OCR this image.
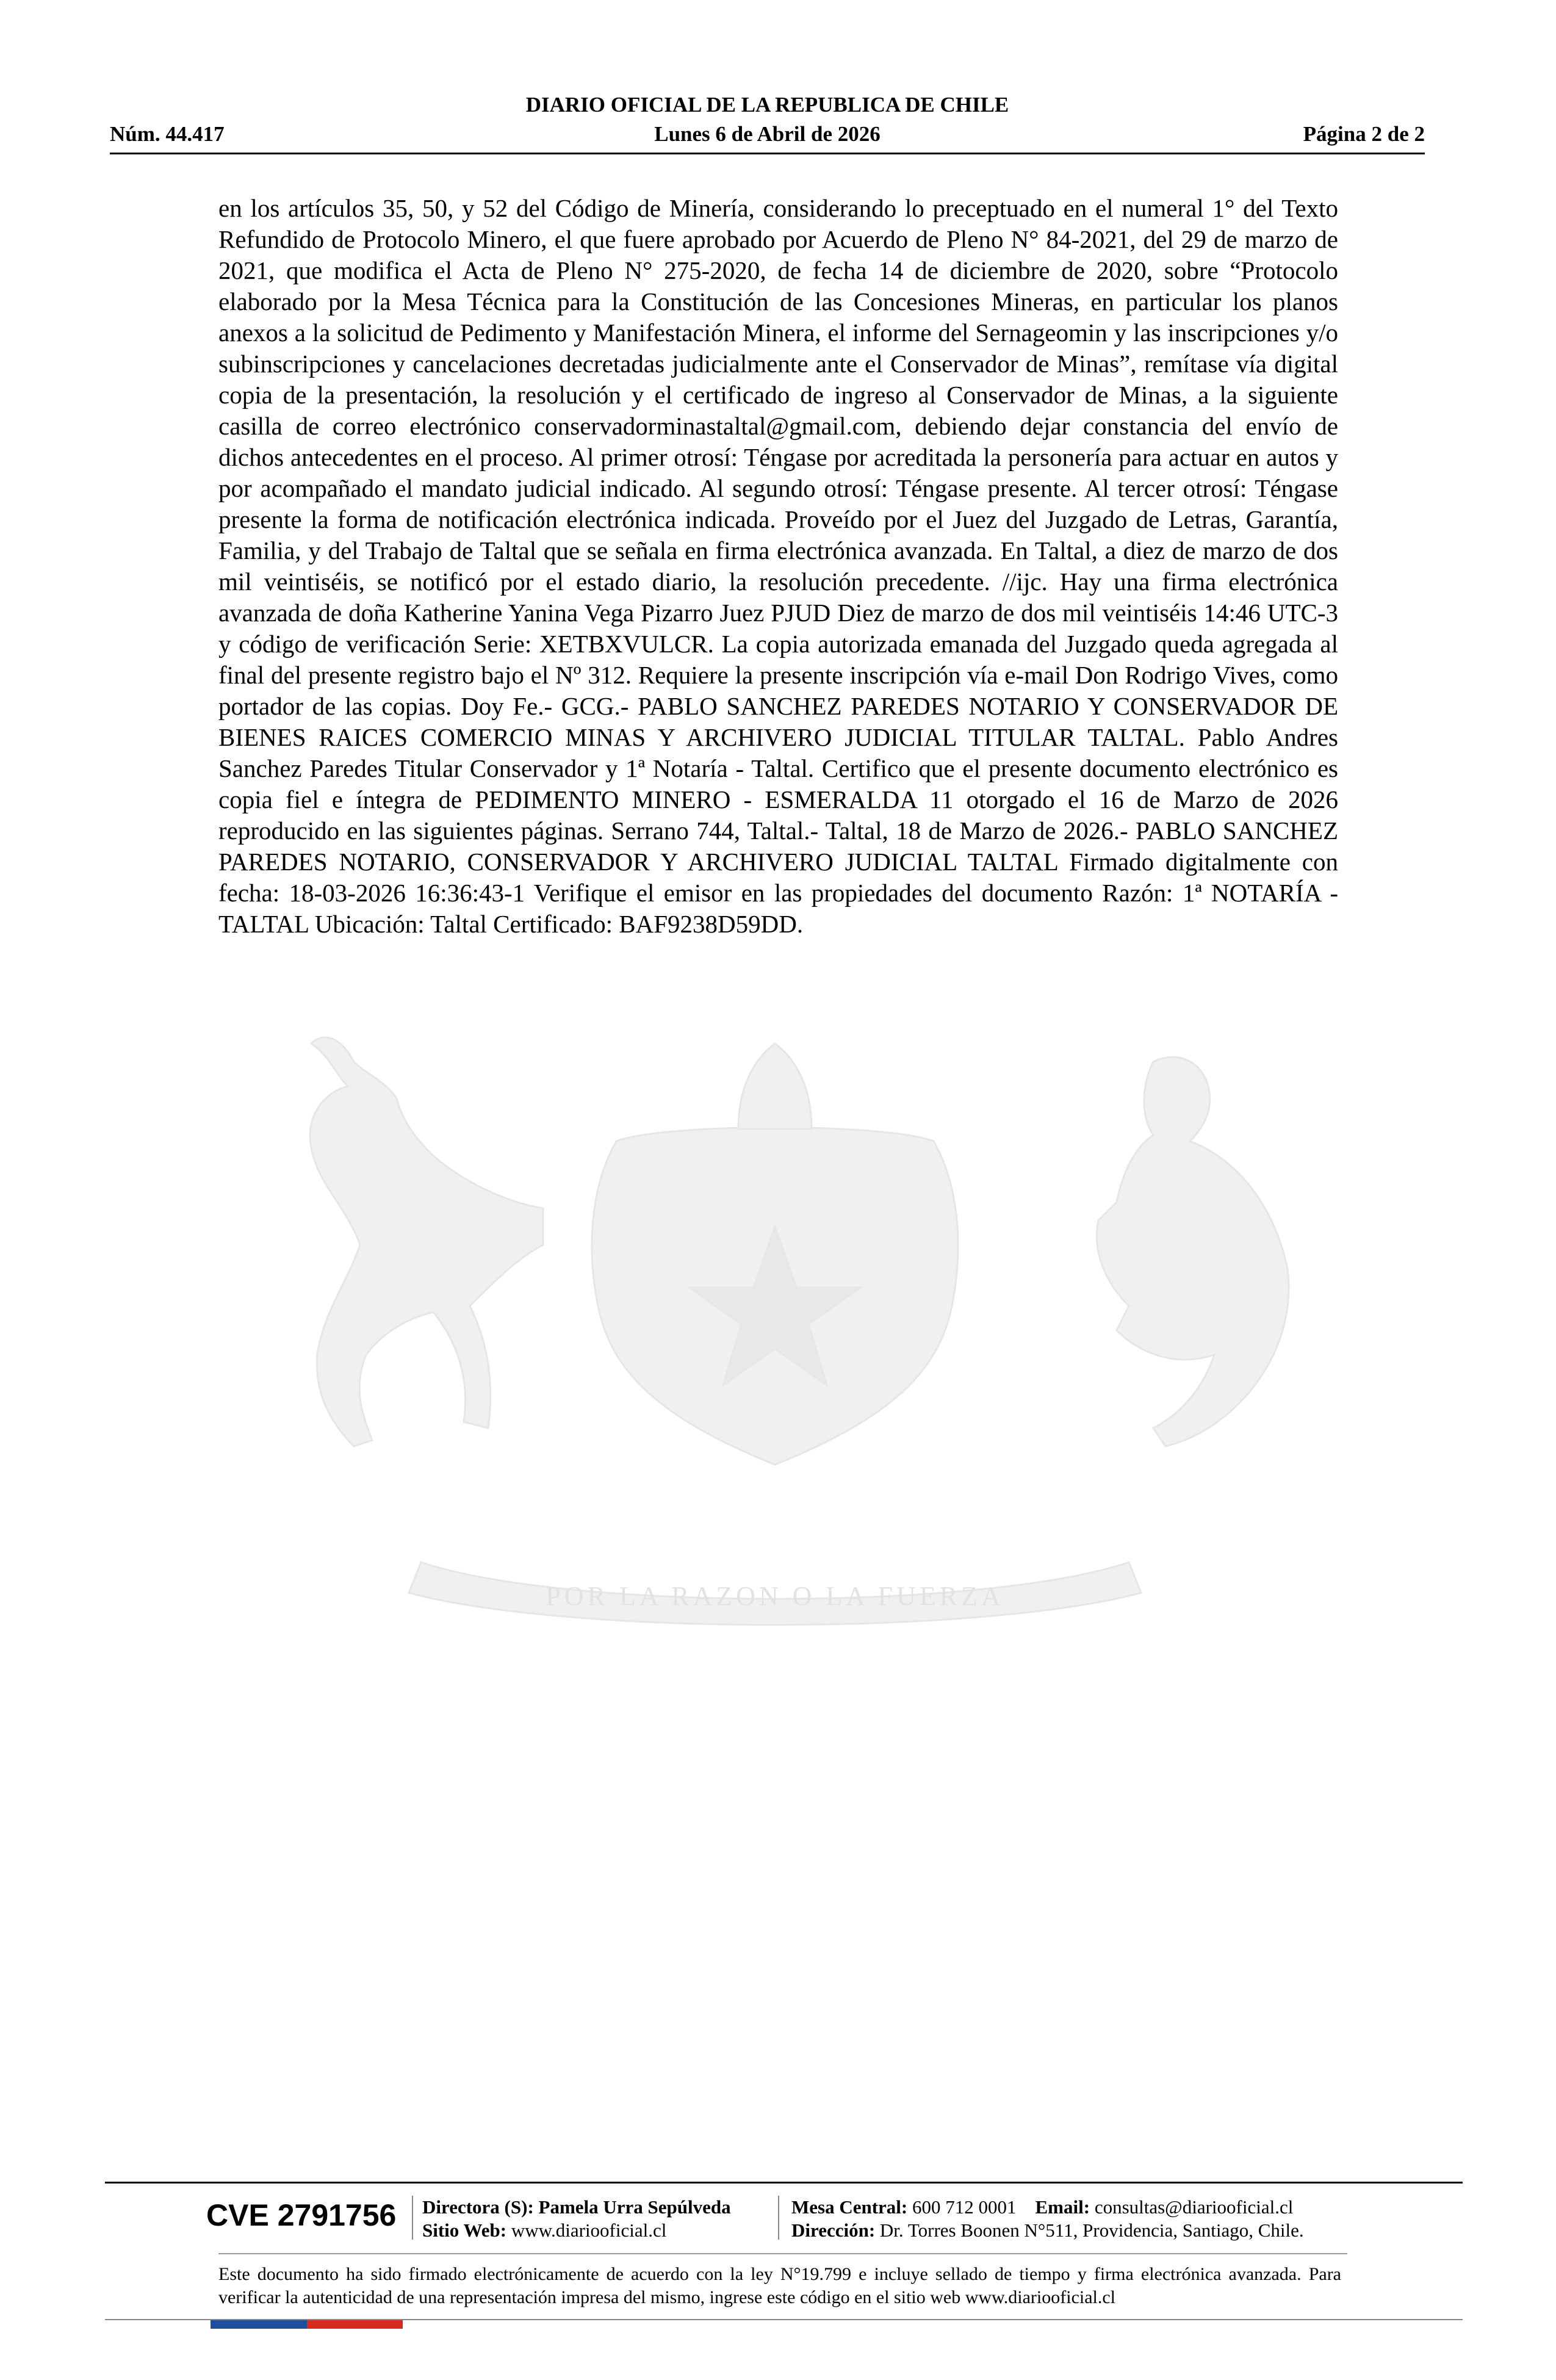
DIARIO OFICIAL DE LA REPUBLICA DE CHILE
Núm. 44.417	Lunes 6 de Abril de 2026	Página 2 de 2
POR LA RAZON O LA FUERZA
en los artículos 35, 50, y 52 del Código de Minería, considerando lo preceptuado en el numeral 1° del Texto Refundido de Protocolo Minero, el que fuere aprobado por Acuerdo de Pleno N° 84-2021, del 29 de marzo de 2021, que modifica el Acta de Pleno N° 275-2020, de fecha 14 de diciembre de 2020, sobre “Protocolo elaborado por la Mesa Técnica para la Constitución de las Concesiones Mineras, en particular los planos anexos a la solicitud de Pedimento y Manifestación Minera, el informe del Sernageomin y las inscripciones y/o subinscripciones y cancelaciones decretadas judicialmente ante el Conservador de Minas”, remítase vía digital copia de la presentación, la resolución y el certificado de ingreso al Conservador de Minas, a la siguiente casilla de correo electrónico conservadorminastaltal@gmail.com, debiendo dejar constancia del envío de dichos antecedentes en el proceso. Al primer otrosí: Téngase por acreditada la personería para actuar en autos y por acompañado el mandato judicial indicado. Al segundo otrosí: Téngase presente. Al tercer otrosí: Téngase presente la forma de notificación electrónica indicada. Proveído por el Juez del Juzgado de Letras, Garantía, Familia, y del Trabajo de Taltal que se señala en firma electrónica avanzada. En Taltal, a diez de marzo de dos mil veintiséis, se notificó por el estado diario, la resolución precedente. //ijc. Hay una firma electrónica avanzada de doña Katherine Yanina Vega Pizarro Juez PJUD Diez de marzo de dos mil veintiséis 14:46 UTC-3 y código de verificación Serie: XETBXVULCR. La copia autorizada emanada del Juzgado queda agregada al final del presente registro bajo el Nº 312. Requiere la presente inscripción vía e-mail Don Rodrigo Vives, como portador de las copias. Doy Fe.- GCG.- PABLO SANCHEZ PAREDES NOTARIO Y CONSERVADOR DE BIENES RAICES COMERCIO MINAS Y ARCHIVERO JUDICIAL TITULAR TALTAL. Pablo Andres Sanchez Paredes Titular Conservador y 1ª Notaría - Taltal. Certifico que el presente documento electrónico es copia fiel e íntegra de PEDIMENTO MINERO - ESMERALDA 11 otorgado el 16 de Marzo de 2026 reproducido en las siguientes páginas. Serrano 744, Taltal.- Taltal, 18 de Marzo de 2026.- PABLO SANCHEZ PAREDES NOTARIO, CONSERVADOR Y ARCHIVERO JUDICIAL TALTAL Firmado digitalmente con fecha: 18-03-2026 16:36:43-1 Verifique el emisor en las propiedades del documento Razón: 1ª NOTARÍA - TALTAL Ubicación: Taltal Certificado: BAF9238D59DD.
CVE 2791756 Directora (S): Pamela Urra Sepúlveda
Sitio Web: www.diariooficial.cl
Mesa Central: 600 712 0001 Email: consultas@diariooficial.cl
Dirección: Dr. Torres Boonen N°511, Providencia, Santiago, Chile.
Este documento ha sido firmado electrónicamente de acuerdo con la ley N°19.799 e incluye sellado de tiempo y firma electrónica avanzada. Para verificar la autenticidad de una representación impresa del mismo, ingrese este código en el sitio web www.diariooficial.cl
